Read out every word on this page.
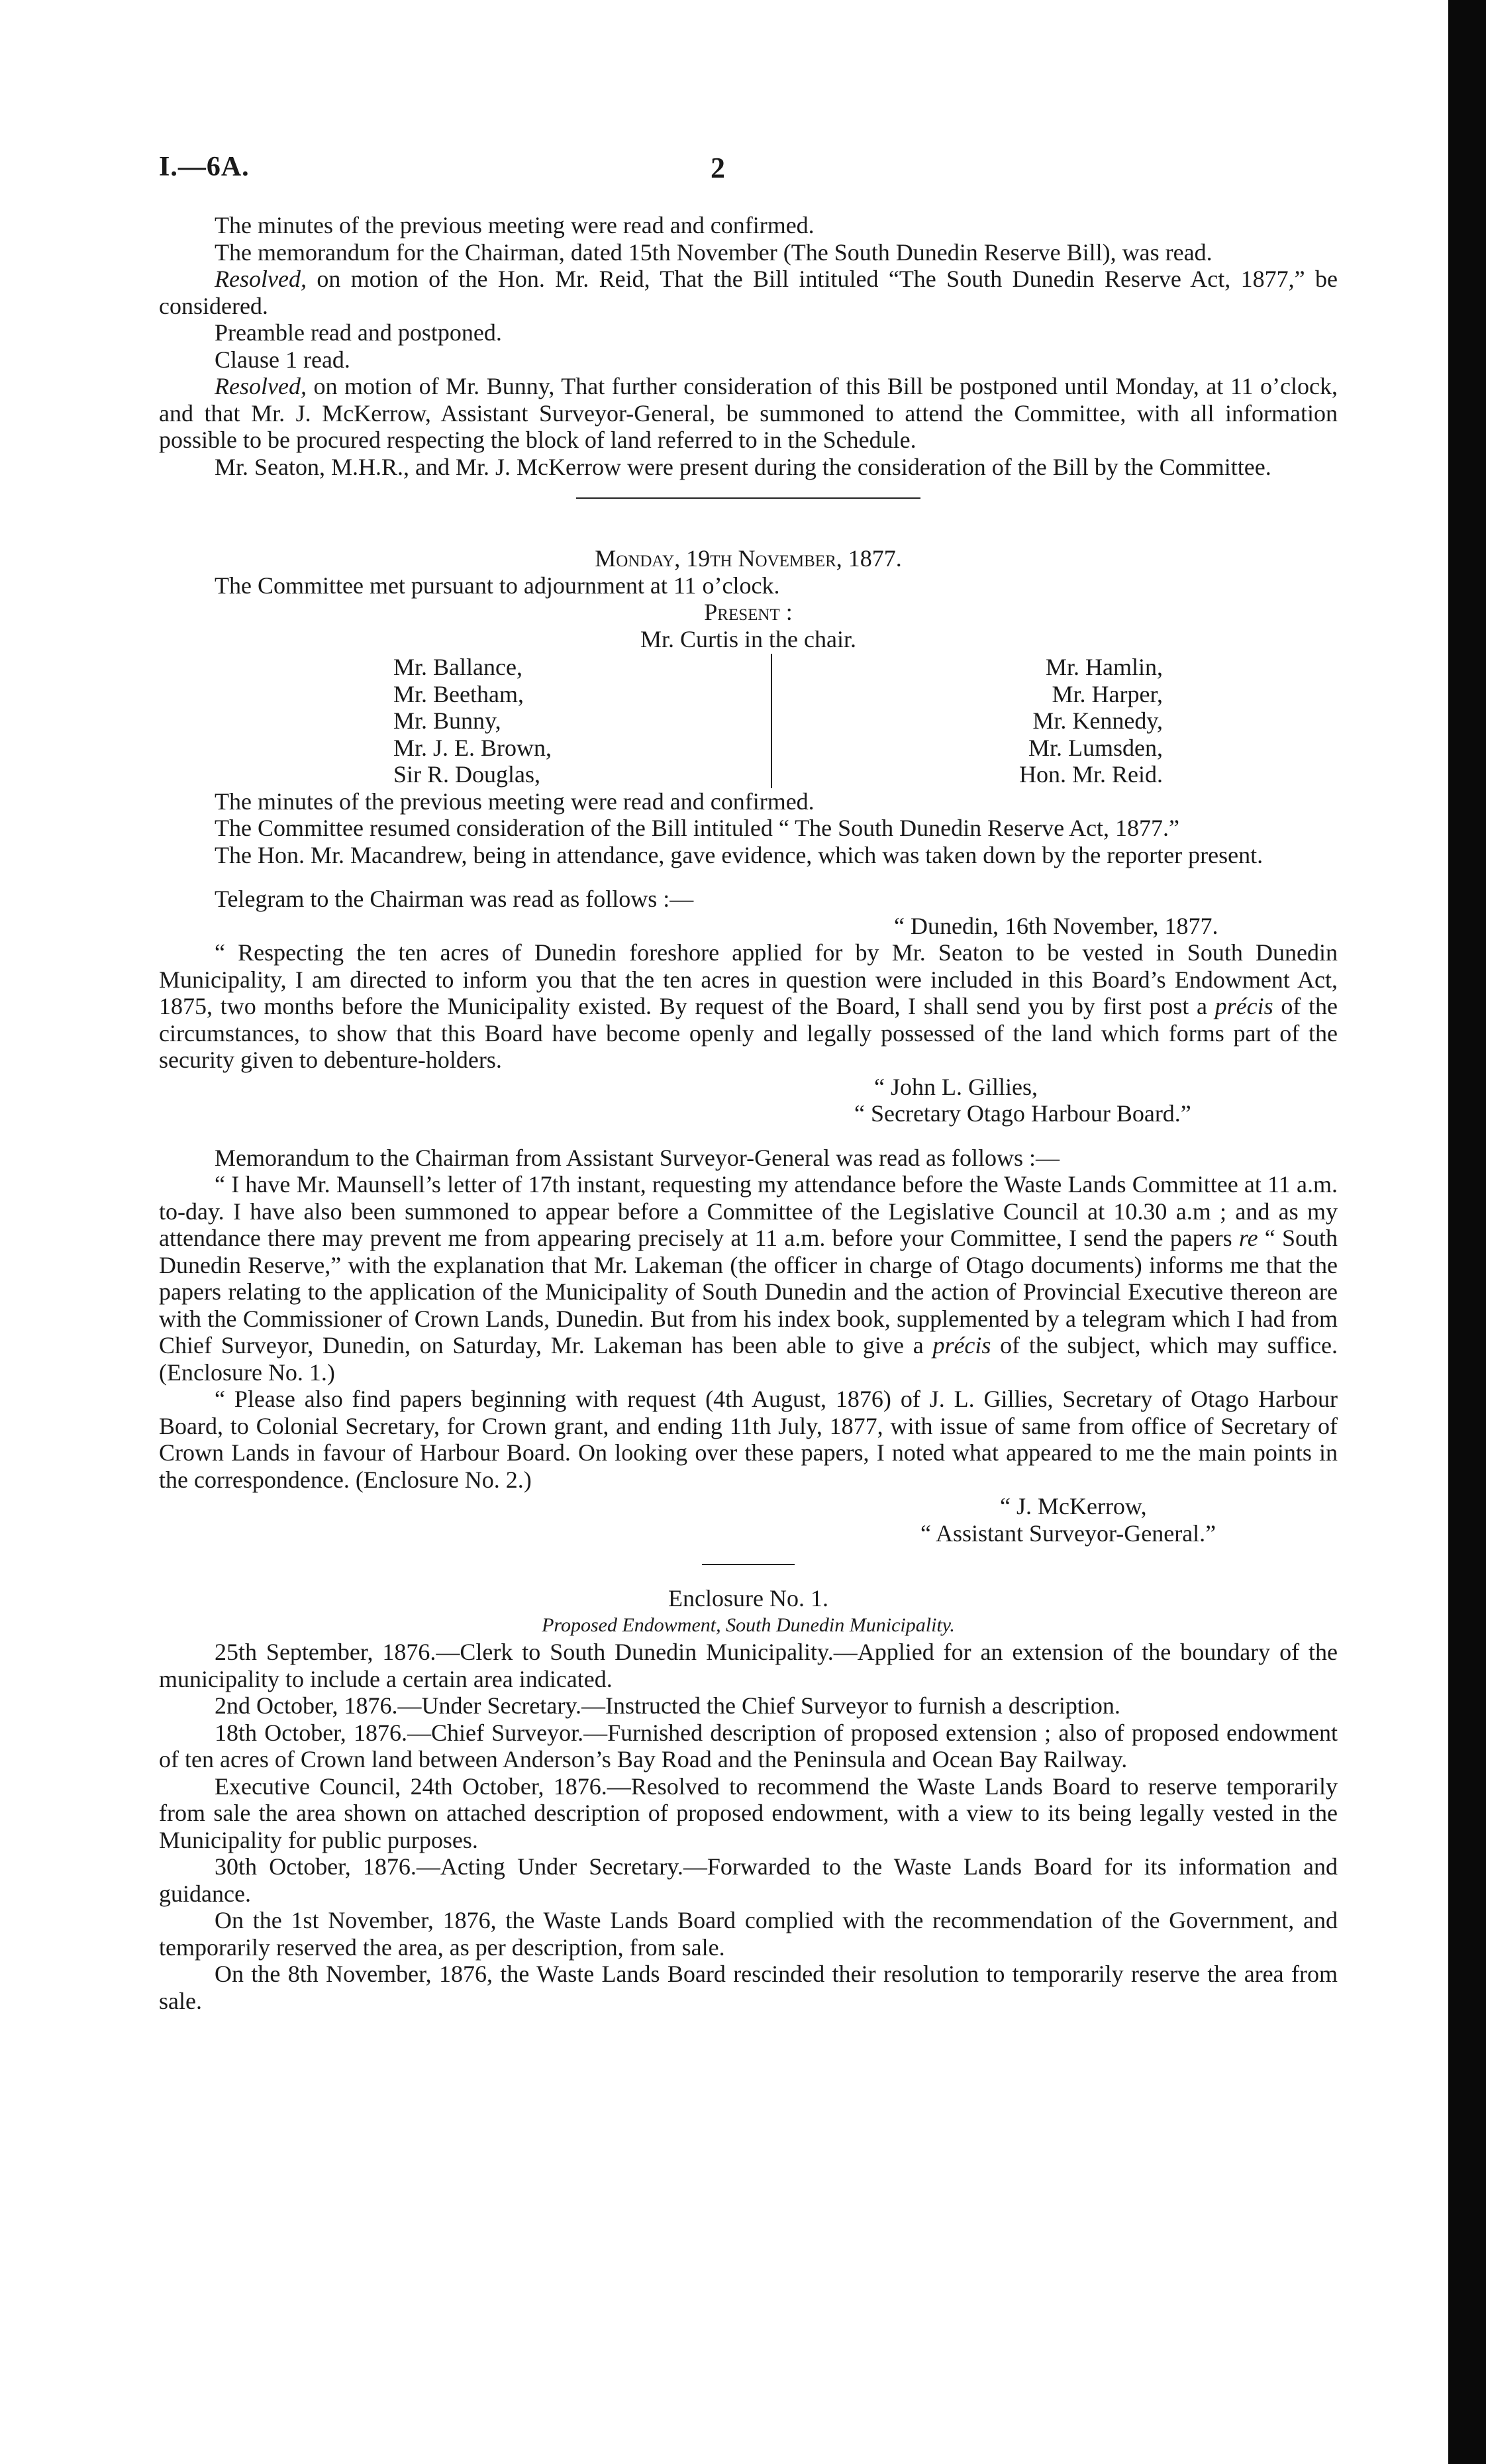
I.—6A.	2

The minutes of the previous meeting were read and confirmed.

The memorandum for the Chairman, dated 15th November (The South Dunedin Reserve Bill), was read.

Resolved, on motion of the Hon. Mr. Reid, That the Bill intituled “The South Dunedin Reserve Act, 1877,” be considered.

Preamble read and postponed.

Clause 1 read.

Resolved, on motion of Mr. Bunny, That further consideration of this Bill be postponed until Monday, at 11 o’clock, and that Mr. J. McKerrow, Assistant Surveyor-General, be summoned to attend the Committee, with all information possible to be procured respecting the block of land referred to in the Schedule.

Mr. Seaton, M.H.R., and Mr. J. McKerrow were present during the consideration of the Bill by the Committee.

Monday, 19th November, 1877.

The Committee met pursuant to adjournment at 11 o’clock.

Present :

Mr. Curtis in the chair.

Mr. Ballance,
Mr. Beetham,
Mr. Bunny,
Mr. J. E. Brown,
Sir R. Douglas,
Mr. Hamlin,
Mr. Harper,
Mr. Kennedy,
Mr. Lumsden,
Hon. Mr. Reid.

The minutes of the previous meeting were read and confirmed.

The Committee resumed consideration of the Bill intituled “ The South Dunedin Reserve Act, 1877.”

The Hon. Mr. Macandrew, being in attendance, gave evidence, which was taken down by the reporter present.

Telegram to the Chairman was read as follows :—

“ Dunedin, 16th November, 1877.

“ Respecting the ten acres of Dunedin foreshore applied for by Mr. Seaton to be vested in South Dunedin Municipality, I am directed to inform you that the ten acres in question were included in this Board’s Endowment Act, 1875, two months before the Municipality existed. By request of the Board, I shall send you by first post a précis of the circumstances, to show that this Board have become openly and legally possessed of the land which forms part of the security given to debenture-holders.

“ John L. Gillies,

“ Secretary Otago Harbour Board.”

Memorandum to the Chairman from Assistant Surveyor-General was read as follows :—

“ I have Mr. Maunsell’s letter of 17th instant, requesting my attendance before the Waste Lands Committee at 11 a.m. to-day. I have also been summoned to appear before a Committee of the Legislative Council at 10.30 a.m ; and as my attendance there may prevent me from appearing precisely at 11 a.m. before your Committee, I send the papers re “ South Dunedin Reserve,” with the explanation that Mr. Lakeman (the officer in charge of Otago documents) informs me that the papers relating to the application of the Municipality of South Dunedin and the action of Provincial Executive thereon are with the Commissioner of Crown Lands, Dunedin. But from his index book, supplemented by a telegram which I had from Chief Surveyor, Dunedin, on Saturday, Mr. Lakeman has been able to give a précis of the subject, which may suffice. (Enclosure No. 1.)

“ Please also find papers beginning with request (4th August, 1876) of J. L. Gillies, Secretary of Otago Harbour Board, to Colonial Secretary, for Crown grant, and ending 11th July, 1877, with issue of same from office of Secretary of Crown Lands in favour of Harbour Board. On looking over these papers, I noted what appeared to me the main points in the correspondence. (Enclosure No. 2.)

“ J. McKerrow,

“ Assistant Surveyor-General.”

Enclosure No. 1.

Proposed Endowment, South Dunedin Municipality.

25th September, 1876.—Clerk to South Dunedin Municipality.—Applied for an extension of the boundary of the municipality to include a certain area indicated.

2nd October, 1876.—Under Secretary.—Instructed the Chief Surveyor to furnish a description.

18th October, 1876.—Chief Surveyor.—Furnished description of proposed extension ; also of proposed endowment of ten acres of Crown land between Anderson’s Bay Road and the Peninsula and Ocean Bay Railway.

Executive Council, 24th October, 1876.—Resolved to recommend the Waste Lands Board to reserve temporarily from sale the area shown on attached description of proposed endowment, with a view to its being legally vested in the Municipality for public purposes.

30th October, 1876.—Acting Under Secretary.—Forwarded to the Waste Lands Board for its information and guidance.

On the 1st November, 1876, the Waste Lands Board complied with the recommendation of the Government, and temporarily reserved the area, as per description, from sale.

On the 8th November, 1876, the Waste Lands Board rescinded their resolution to temporarily reserve the area from sale.
